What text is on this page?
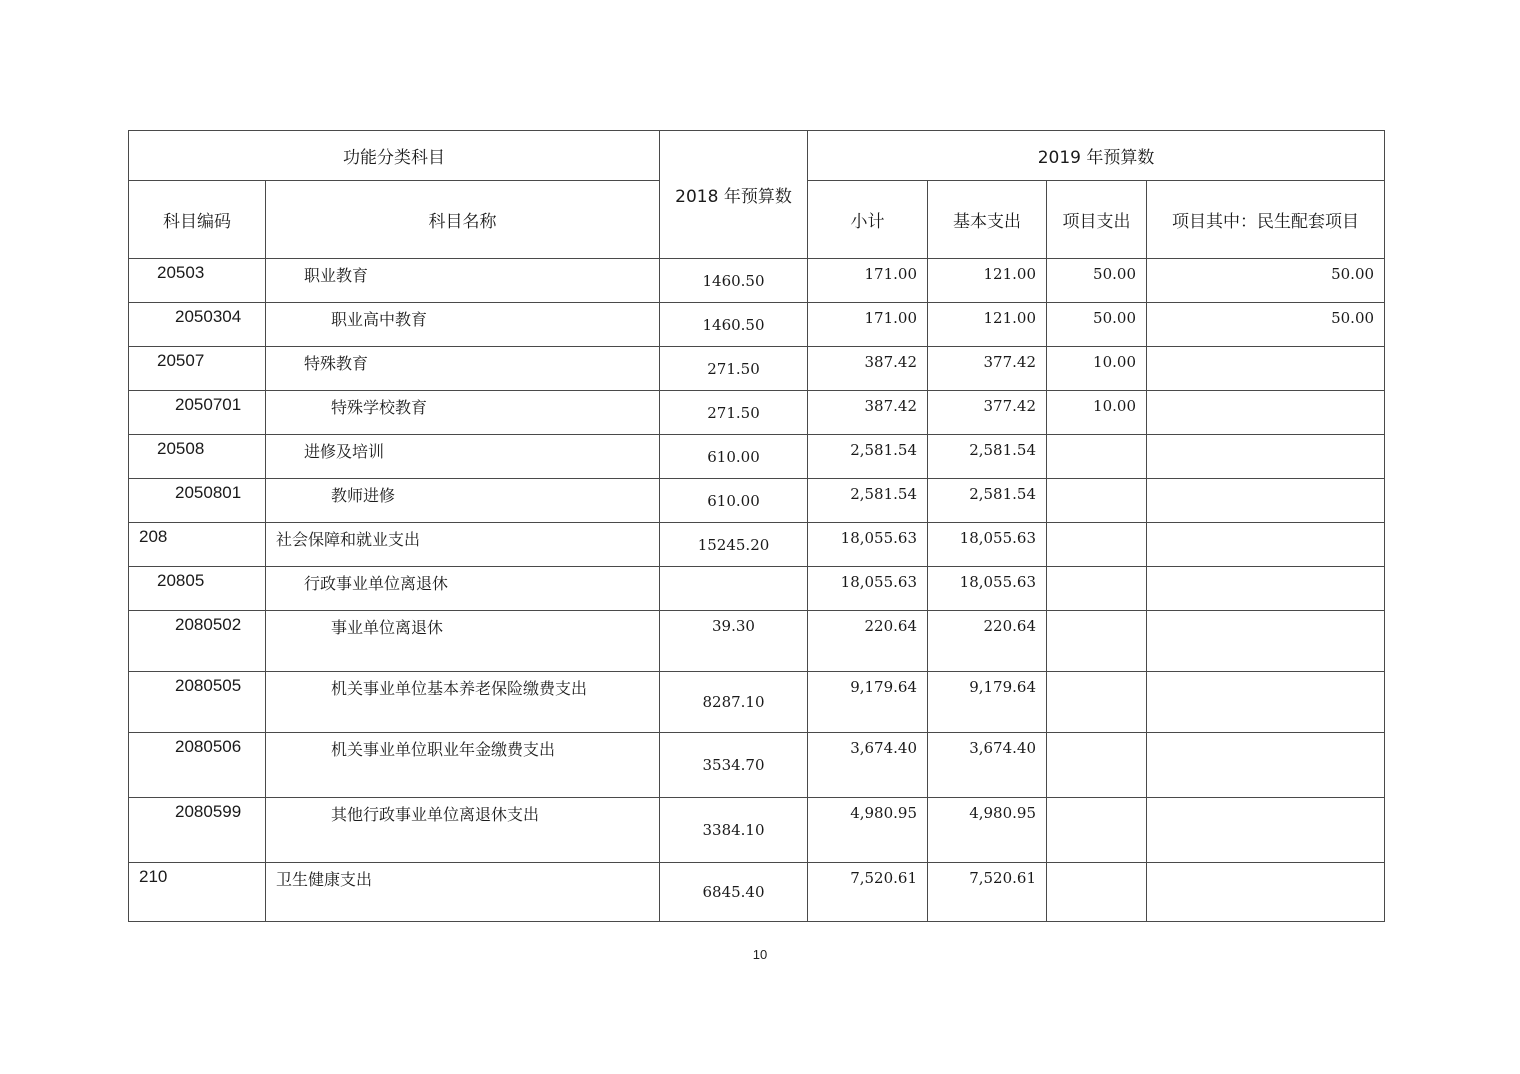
功能分类科目		2018 年预算数	2019 年预算数			
科目编码	科目名称		小计	基本支出	项目支出	项目其中：民生配套项目
20503	职业教育	1460.50	171.00	121.00	50.00	50.00
2050304	职业高中教育	1460.50	171.00	121.00	50.00	50.00
20507	特殊教育	271.50	387.42	377.42	10.00	
2050701	特殊学校教育	271.50	387.42	377.42	10.00	
20508	进修及培训	610.00	2,581.54	2,581.54		
2050801	教师进修	610.00	2,581.54	2,581.54		
208	社会保障和就业支出	15245.20	18,055.63	18,055.63		
20805	行政事业单位离退休		18,055.63	18,055.63		
2080502	事业单位离退休	39.30	220.64	220.64		
2080505	机关事业单位基本养老保险缴费支出	8287.10	9,179.64	9,179.64		
2080506	机关事业单位职业年金缴费支出	3534.70	3,674.40	3,674.40		
2080599	其他行政事业单位离退休支出	3384.10	4,980.95	4,980.95		
210	卫生健康支出	6845.40	7,520.61	7,520.61		
10
